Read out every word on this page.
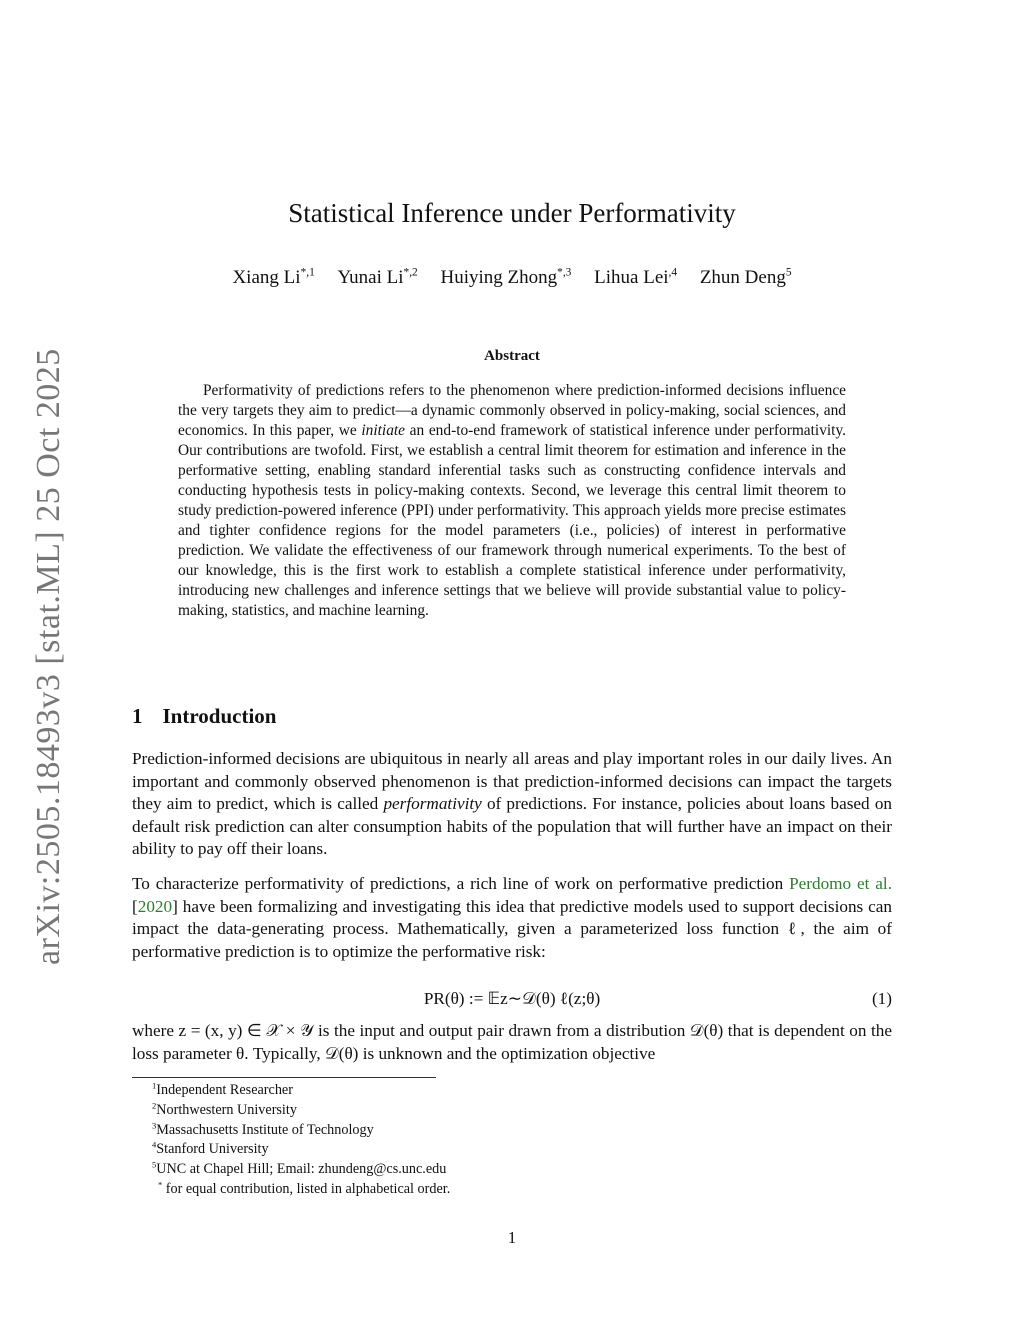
arXiv:2505.18493v3 [stat.ML] 25 Oct 2025
Statistical Inference under Performativity
Xiang $Li^{*,1}$ Yunai $Li^{*,2}$ Huiying Zhong$^{*,3}$ Lihua Lei$^{,4}$ Zhun Deng$^5$
Abstract

Performativity of predictions refers to the phenomenon where prediction-informed decisions influence the very targets they aim to predict—a dynamic commonly observed in policy-making, social sciences, and economics. In this paper, we initiate an end-to-end framework of statistical inference under performativity. Our contributions are twofold. First, we establish a central limit theorem for estimation and inference in the performative setting, enabling standard inferential tasks such as constructing confidence intervals and conducting hypothesis tests in policy-making contexts. Second, we leverage this central limit theorem to study prediction-powered inference (PPI) under performativity. This approach yields more precise estimates and tighter confidence regions for the model parameters (i.e., policies) of interest in performative prediction. We validate the effectiveness of our framework through numerical experiments. To the best of our knowledge, this is the first work to establish a complete statistical inference under performativity, introducing new challenges and inference settings that we believe will provide substantial value to policy-making, statistics, and machine learning.

1 Introduction

Prediction-informed decisions are ubiquitous in nearly all areas and play important roles in our daily lives. An important and commonly observed phenomenon is that prediction-informed decisions can impact the targets they aim to predict, which is called performativity of predictions. For instance, policies about loans based on default risk prediction can alter consumption habits of the population that will further have an impact on their ability to pay off their loans.

To characterize performativity of predictions, a rich line of work on performative prediction Perdomo et al. [2020] have been formalizing and investigating this idea that predictive models used to support decisions can impact the data-generating process. Mathematically, given a parameterized loss function ℓ, the aim of performative prediction is to optimize the performative risk:

PR(θ) := 𝔼z∼𝒟(θ) ℓ(z;θ)	(1)

where z = (x, y) ∈ 𝒳 × 𝒴 is the input and output pair drawn from a distribution 𝒟(θ) that is dependent on the loss parameter θ. Typically, 𝒟(θ) is unknown and the optimization objective

$^1$Independent Researcher
$^2$Northwestern University
$^3$Massachusetts Institute of Technology
$^4$Stanford University
$^5$UNC at Chapel Hill; Email: zhundeng@cs.unc.edu
* for equal contribution, listed in alphabetical order.
1
